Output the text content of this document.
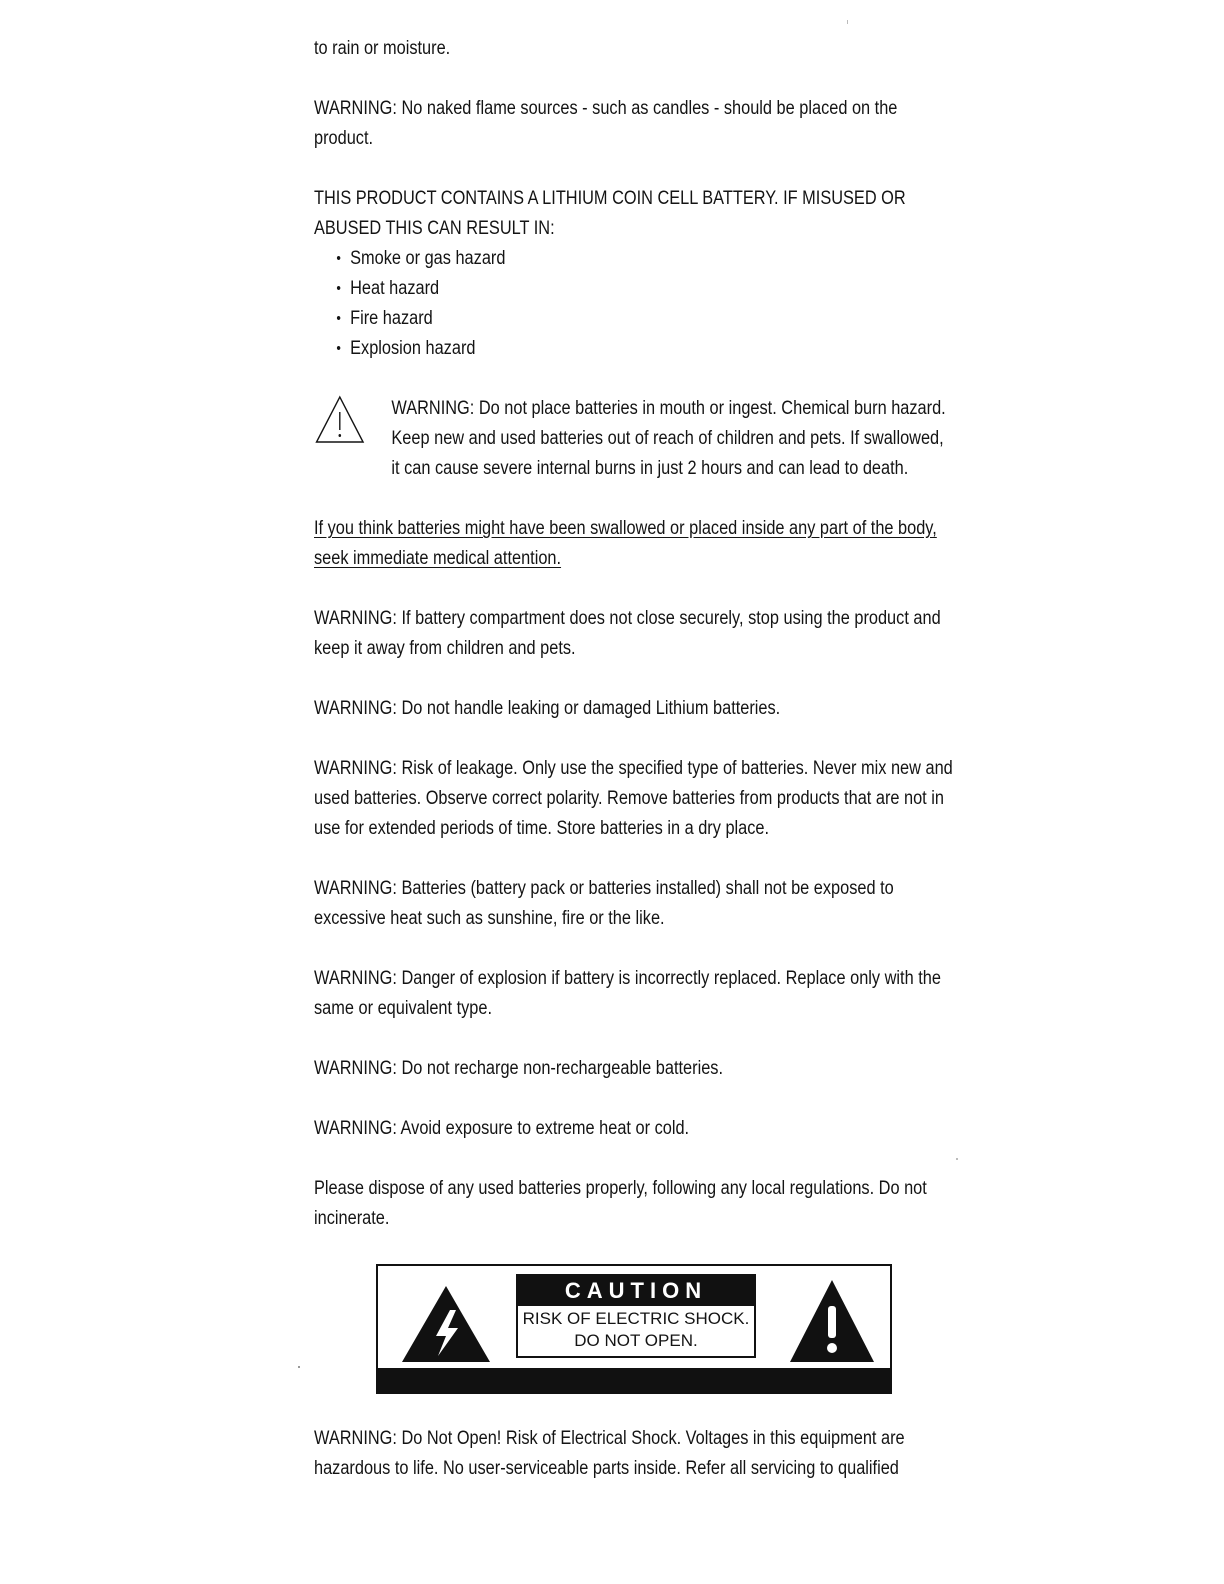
to rain or moisture.

WARNING: No naked flame sources - such as candles - should be placed on the product.

THIS PRODUCT CONTAINS A LITHIUM COIN CELL BATTERY. IF MISUSED OR ABUSED THIS CAN RESULT IN:

• Smoke or gas hazard
• Heat hazard
• Fire hazard
• Explosion hazard

WARNING: Do not place batteries in mouth or ingest. Chemical burn hazard. Keep new and used batteries out of reach of children and pets. If swallowed, it can cause severe internal burns in just 2 hours and can lead to death.

If you think batteries might have been swallowed or placed inside any part of the body, seek immediate medical attention.

WARNING: If battery compartment does not close securely, stop using the product and keep it away from children and pets.

WARNING: Do not handle leaking or damaged Lithium batteries.

WARNING: Risk of leakage. Only use the specified type of batteries. Never mix new and used batteries. Observe correct polarity. Remove batteries from products that are not in use for extended periods of time. Store batteries in a dry place.

WARNING: Batteries (battery pack or batteries installed) shall not be exposed to excessive heat such as sunshine, fire or the like.

WARNING: Danger of explosion if battery is incorrectly replaced. Replace only with the same or equivalent type.

WARNING: Do not recharge non-rechargeable batteries.

WARNING: Avoid exposure to extreme heat or cold.

Please dispose of any used batteries properly, following any local regulations. Do not incinerate.

CAUTION
RISK OF ELECTRIC SHOCK.
DO NOT OPEN.

WARNING: Do Not Open! Risk of Electrical Shock. Voltages in this equipment are hazardous to life. No user-serviceable parts inside. Refer all servicing to qualified
